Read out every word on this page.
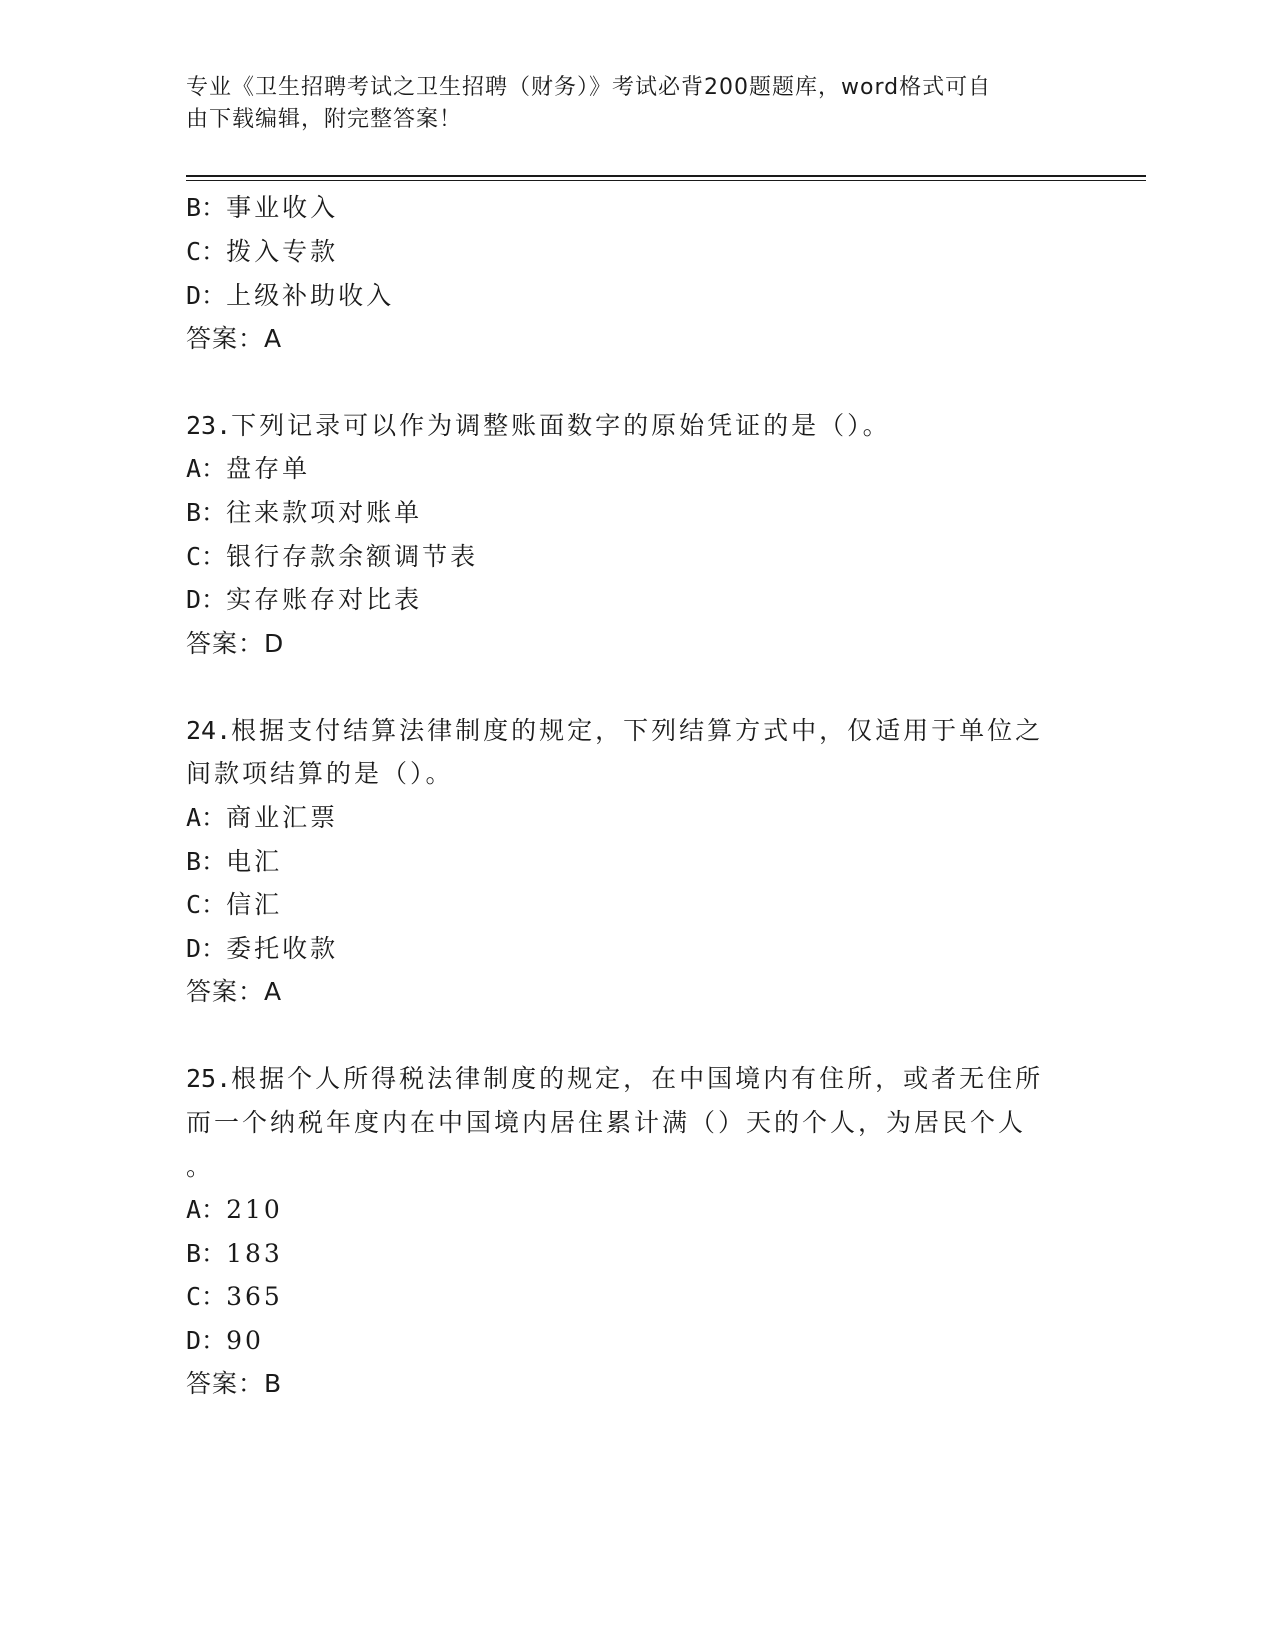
专业《卫生招聘考试之卫生招聘（财务）》考试必背200题题库，word格式可自
由下载编辑，附完整答案！
B：事业收入
C：拨入专款
D：上级补助收入
答案：A
23.下列记录可以作为调整账面数字的原始凭证的是（）。
A：盘存单
B：往来款项对账单
C：银行存款余额调节表
D：实存账存对比表
答案：D
24.根据支付结算法律制度的规定，下列结算方式中，仅适用于单位之
间款项结算的是（）。
A：商业汇票
B：电汇
C：信汇
D：委托收款
答案：A
25.根据个人所得税法律制度的规定，在中国境内有住所，或者无住所
而一个纳税年度内在中国境内居住累计满（）天的个人，为居民个人
。
A：210
B：183
C：365
D：90
答案：B
